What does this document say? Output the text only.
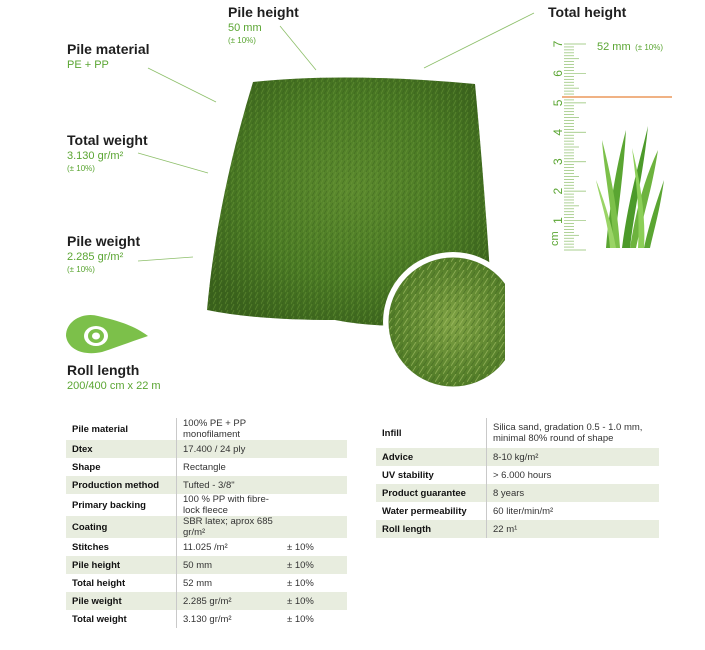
Pile material
PE + PP
Pile height
50 mm
(± 10%)
Total height
52 mm (± 10%)
Total weight
3.130 gr/m²
(± 10%)
Pile weight
2.285 gr/m²
(± 10%)
Roll length
200/400 cm x 22 m
1
2
3
4
5
6
7
cm
Pile material	100% PE + PP monofilament	
Dtex	17.400 / 24 ply	
Shape	Rectangle	
Production method	Tufted - 3/8"	
Primary backing	100 % PP with fibre-lock fleece	
Coating	SBR latex; aprox 685 gr/m²	
Stitches	11.025 /m²	± 10%
Pile height	50 mm	± 10%
Total height	52 mm	± 10%
Pile weight	2.285 gr/m²	± 10%
Total weight	3.130 gr/m²	± 10%
Infill	Silica sand, gradation 0.5 - 1.0 mm, minimal 80% round of shape
Advice	8-10 kg/m²
UV stability	> 6.000 hours
Product guarantee	8 years
Water permeability	60 liter/min/m²
Roll length	22 m¹
